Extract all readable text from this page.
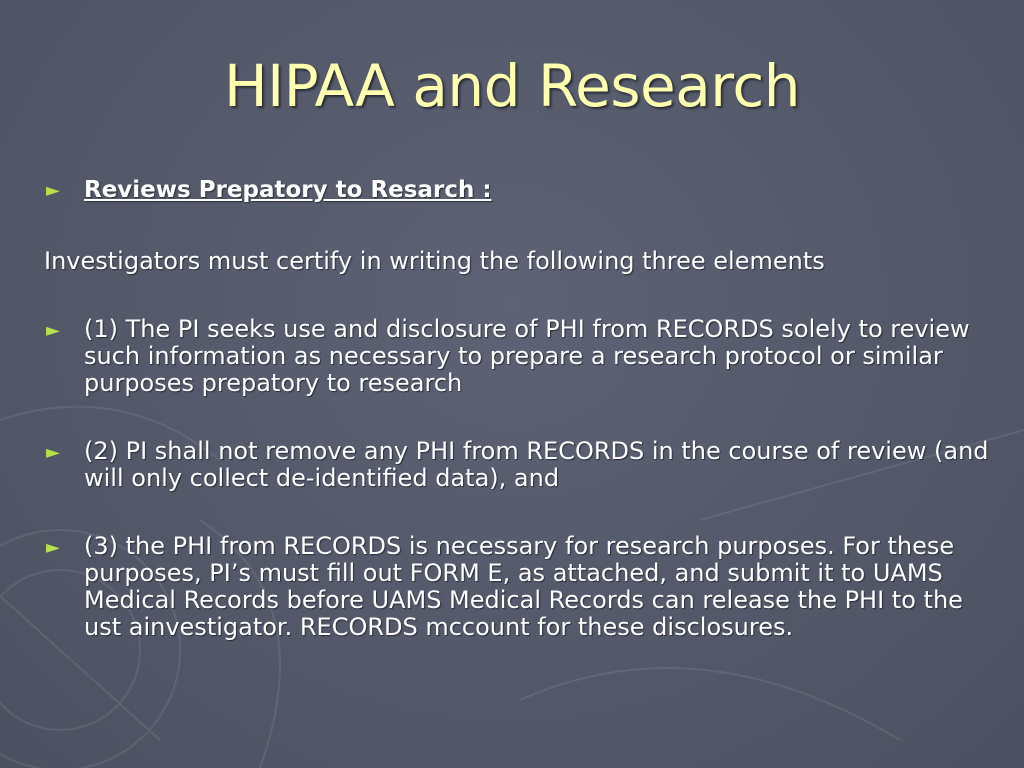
HIPAA and Research
► Reviews Prepatory to Resarch :
Investigators must certify in writing the following three elements
► (1) The PI seeks use and disclosure of PHI from RECORDS solely to review such information as necessary to prepare a research protocol or similar purposes prepatory to research
► (2) PI shall not remove any PHI from RECORDS in the course of review (and will only collect de-identified data), and
► (3) the PHI from RECORDS is necessary for research purposes. For these purposes, PI’s must fill out FORM E, as attached, and submit it to UAMS Medical Records before UAMS Medical Records can release the PHI to the ust ainvestigator. RECORDS mccount for these disclosures.
